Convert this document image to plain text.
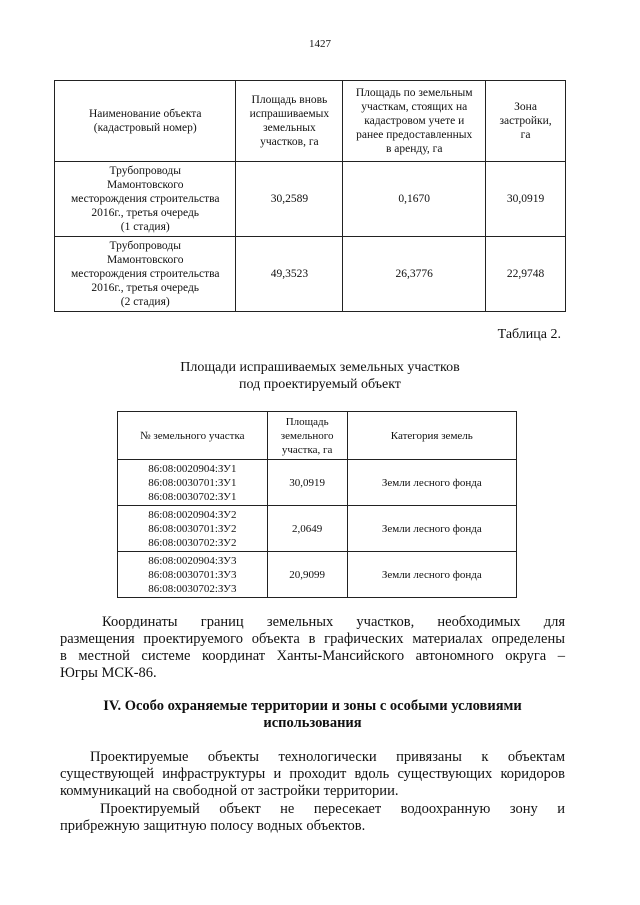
1427
Наименование объекта
(кадастровый номер)	Площадь вновь
испрашиваемых
земельных
участков, га	Площадь по земельным
участкам, стоящих на
кадастровом учете и
ранее предоставленных
в аренду, га	Зона
застройки,
га

Трубопроводы
Мамонтовского
месторождения строительства
2016г., третья очередь
(1 стадия)	30,2589	0,1670	30,0919

Трубопроводы
Мамонтовского
месторождения строительства
2016г., третья очередь
(2 стадия)	49,3523	26,3776	22,9748
Таблица 2.
Площади испрашиваемых земельных участков
под проектируемый объект
№ земельного участка	Площадь
земельного
участка, га	Категория земель

86:08:0020904:ЗУ1
86:08:0030701:ЗУ1
86:08:0030702:ЗУ1	30,0919	Земли лесного фонда

86:08:0020904:ЗУ2
86:08:0030701:ЗУ2
86:08:0030702:ЗУ2	2,0649	Земли лесного фонда

86:08:0020904:ЗУ3
86:08:0030701:ЗУ3
86:08:0030702:ЗУ3	20,9099	Земли лесного фонда
Координаты границ земельных участков, необходимых для
размещения проектируемого объекта в графических материалах определены
в местной системе координат Ханты-Мансийского автономного округа –
Югры МСК-86.
IV. Особо охраняемые территории и зоны с особыми условиями
использования
Проектируемые объекты технологически привязаны к объектам
существующей инфраструктуры и проходит вдоль существующих коридоров
коммуникаций на свободной от застройки территории.
Проектируемый объект не пересекает водоохранную зону и
прибрежную защитную полосу водных объектов.
